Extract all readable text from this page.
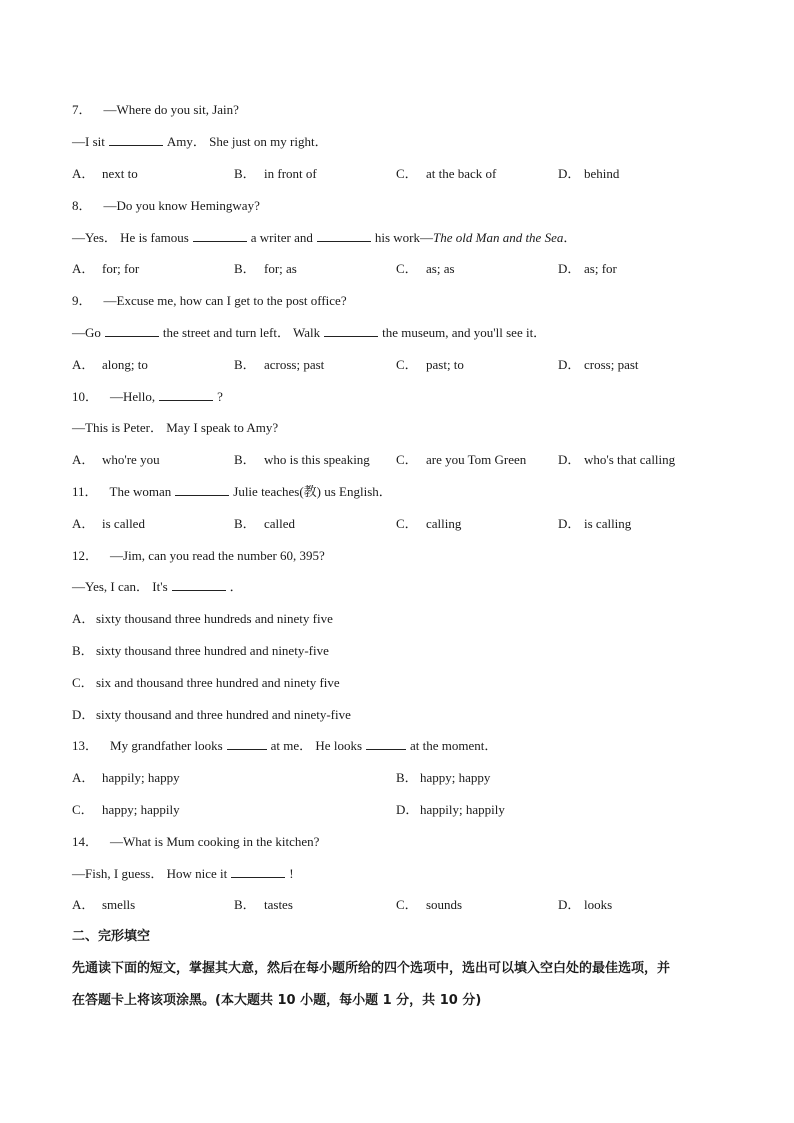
7． —Where do you sit, Jain?
—I sit	Amy． She just on my right．
A． next to	B． in front of	C． at the back of	D． behind
8． —Do you know Hemingway?
—Yes． He is famous	a writer and	his work—The old Man and the Sea．
A． for; for	B． for; as	C． as; as	D． as; for
9． —Excuse me, how can I get to the post office?
—Go	the street and turn left． Walk	the museum, and you'll see it．
A． along; to	B． across; past	C． past; to	D． cross; past
10． —Hello,	?
—This is Peter． May I speak to Amy?
A． who're you	B． who is this speaking C． are you Tom Green D． who's that calling
11． The woman	Julie teaches(教) us English．
A． is called	B． called	C． calling	D． is calling
12． —Jim, can you read the number 60, 395?
—Yes, I can． It's	．
A． sixty thousand three hundreds and ninety five
B． sixty thousand three hundred and ninety-five
C． six and thousand three hundred and ninety five
D． sixty thousand and three hundred and ninety-five
13． My grandfather looks	at me． He looks	at the moment．
A． happily; happy	B． happy; happy
C． happy; happily	D． happily; happily
14． —What is Mum cooking in the kitchen?
—Fish, I guess． How nice it	!
A． smells	B． tastes	C． sounds	D． looks
二、完形填空
先通读下面的短文，掌握其大意，然后在每小题所给的四个选项中，选出可以填入空白处的最佳选项，并
在答题卡上将该项涂黑。(本大题共 10 小题，每小题 1 分，共 10 分)
